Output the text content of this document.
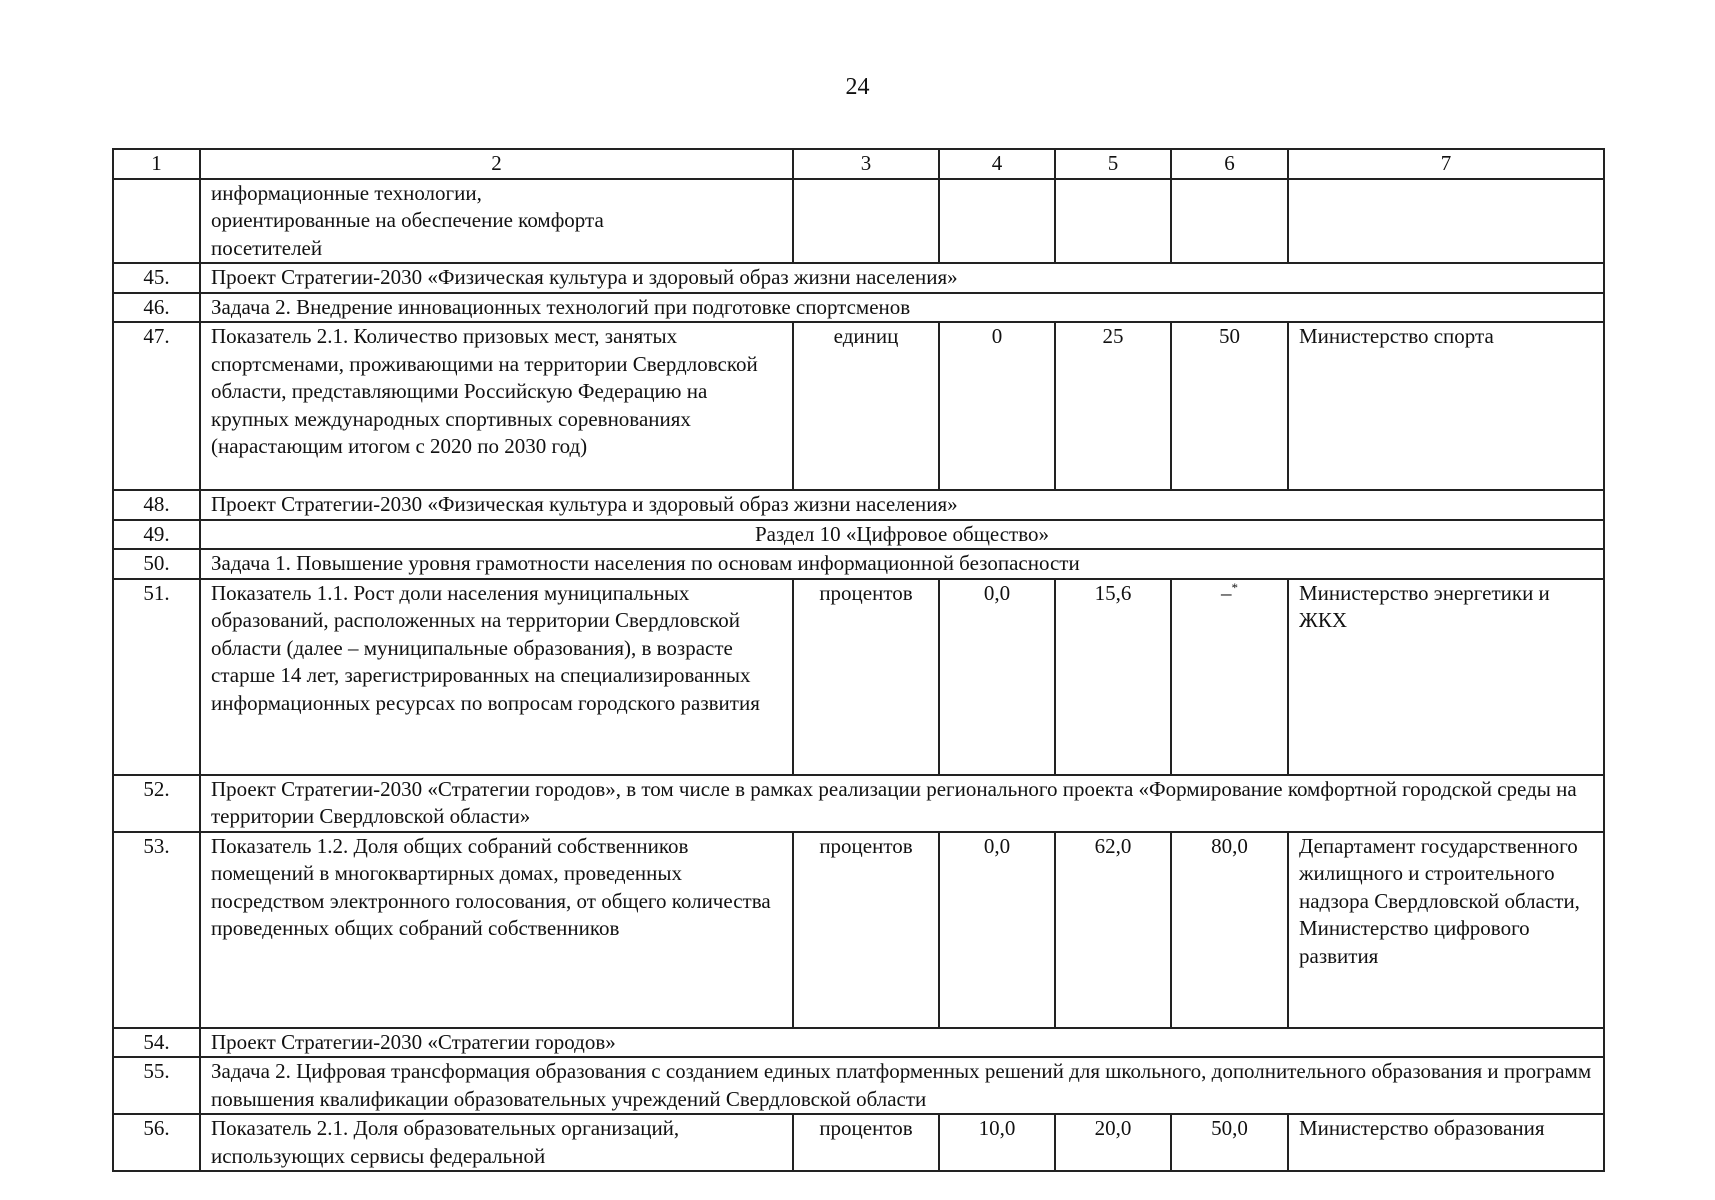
24
1	2	3	4	5	6	7
	информационные технологии, ориентированные на обеспечение комфорта посетителей					
45.	Проект Стратегии-2030 «Физическая культура и здоровый образ жизни населения»					
46.	Задача 2. Внедрение инновационных технологий при подготовке спортсменов					
47.	Показатель 2.1. Количество призовых мест, занятых спортсменами, проживающими на территории Свердловской области, представляющими Российскую Федерацию на крупных международных спортивных соревнованиях (нарастающим итогом с 2020 по 2030 год)	единиц	0	25	50	Министерство спорта
48.	Проект Стратегии-2030 «Физическая культура и здоровый образ жизни населения»					
49.	Раздел 10 «Цифровое общество»					
50.	Задача 1. Повышение уровня грамотности населения по основам информационной безопасности					
51.	Показатель 1.1. Рост доли населения муниципальных образований, расположенных на территории Свердловской области (далее – муниципальные образования), в возрасте старше 14 лет, зарегистрированных на специализированных информационных ресурсах по вопросам городского развития	процентов	0,0	15,6	–*	Министерство энергетики и ЖКХ
52.	Проект Стратегии-2030 «Стратегии городов», в том числе в рамках реализации регионального проекта «Формирование комфортной городской среды на территории Свердловской области»					
53.	Показатель 1.2. Доля общих собраний собственников помещений в многоквартирных домах, проведенных посредством электронного голосования, от общего количества проведенных общих собраний собственников	процентов	0,0	62,0	80,0	Департамент государственного жилищного и строительного надзора Свердловской области, Министерство цифрового развития
54.	Проект Стратегии-2030 «Стратегии городов»					
55.	Задача 2. Цифровая трансформация образования с созданием единых платформенных решений для школьного, дополнительного образования и программ повышения квалификации образовательных учреждений Свердловской области					
56.	Показатель 2.1. Доля образовательных организаций, использующих сервисы федеральной	процентов	10,0	20,0	50,0	Министерство образования
